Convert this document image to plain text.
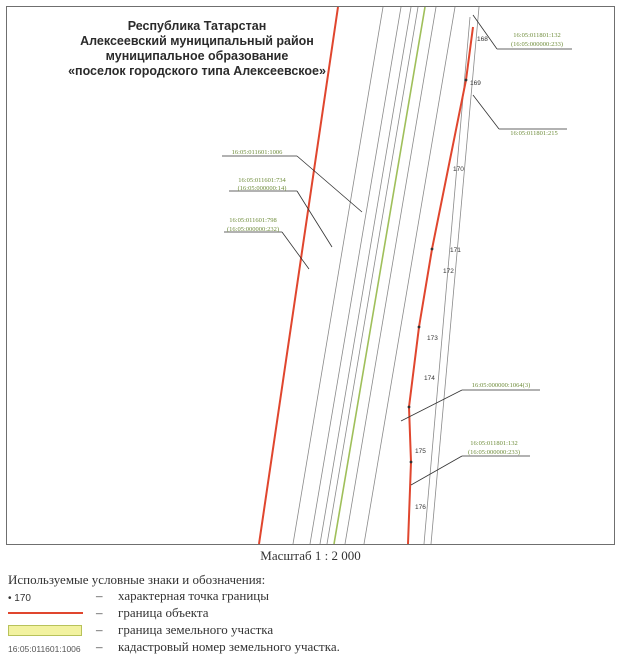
16:05:011601:1006
16:05:011601:734
(16:05:000000:14)
16:05:011601:798
(16:05:000000:232)
16:05:011801:132
(16:05:000000:233)
16:05:011801:215
16:05:000000:1064(3)
16:05:011801:132
(16:05:000000:233)
168
169
170
171
172
173
174
175
176
Республика Татарстан
Алексеевский муниципальный район
муниципальное образование
«поселок городского типа Алексеевское»
Масштаб 1 : 2 000
Используемые условные знаки и обозначения:
• 170	– характерная точка границы
– граница объекта
– граница земельного участка
16:05:011601:1006 – кадастровый номер земельного участка.
